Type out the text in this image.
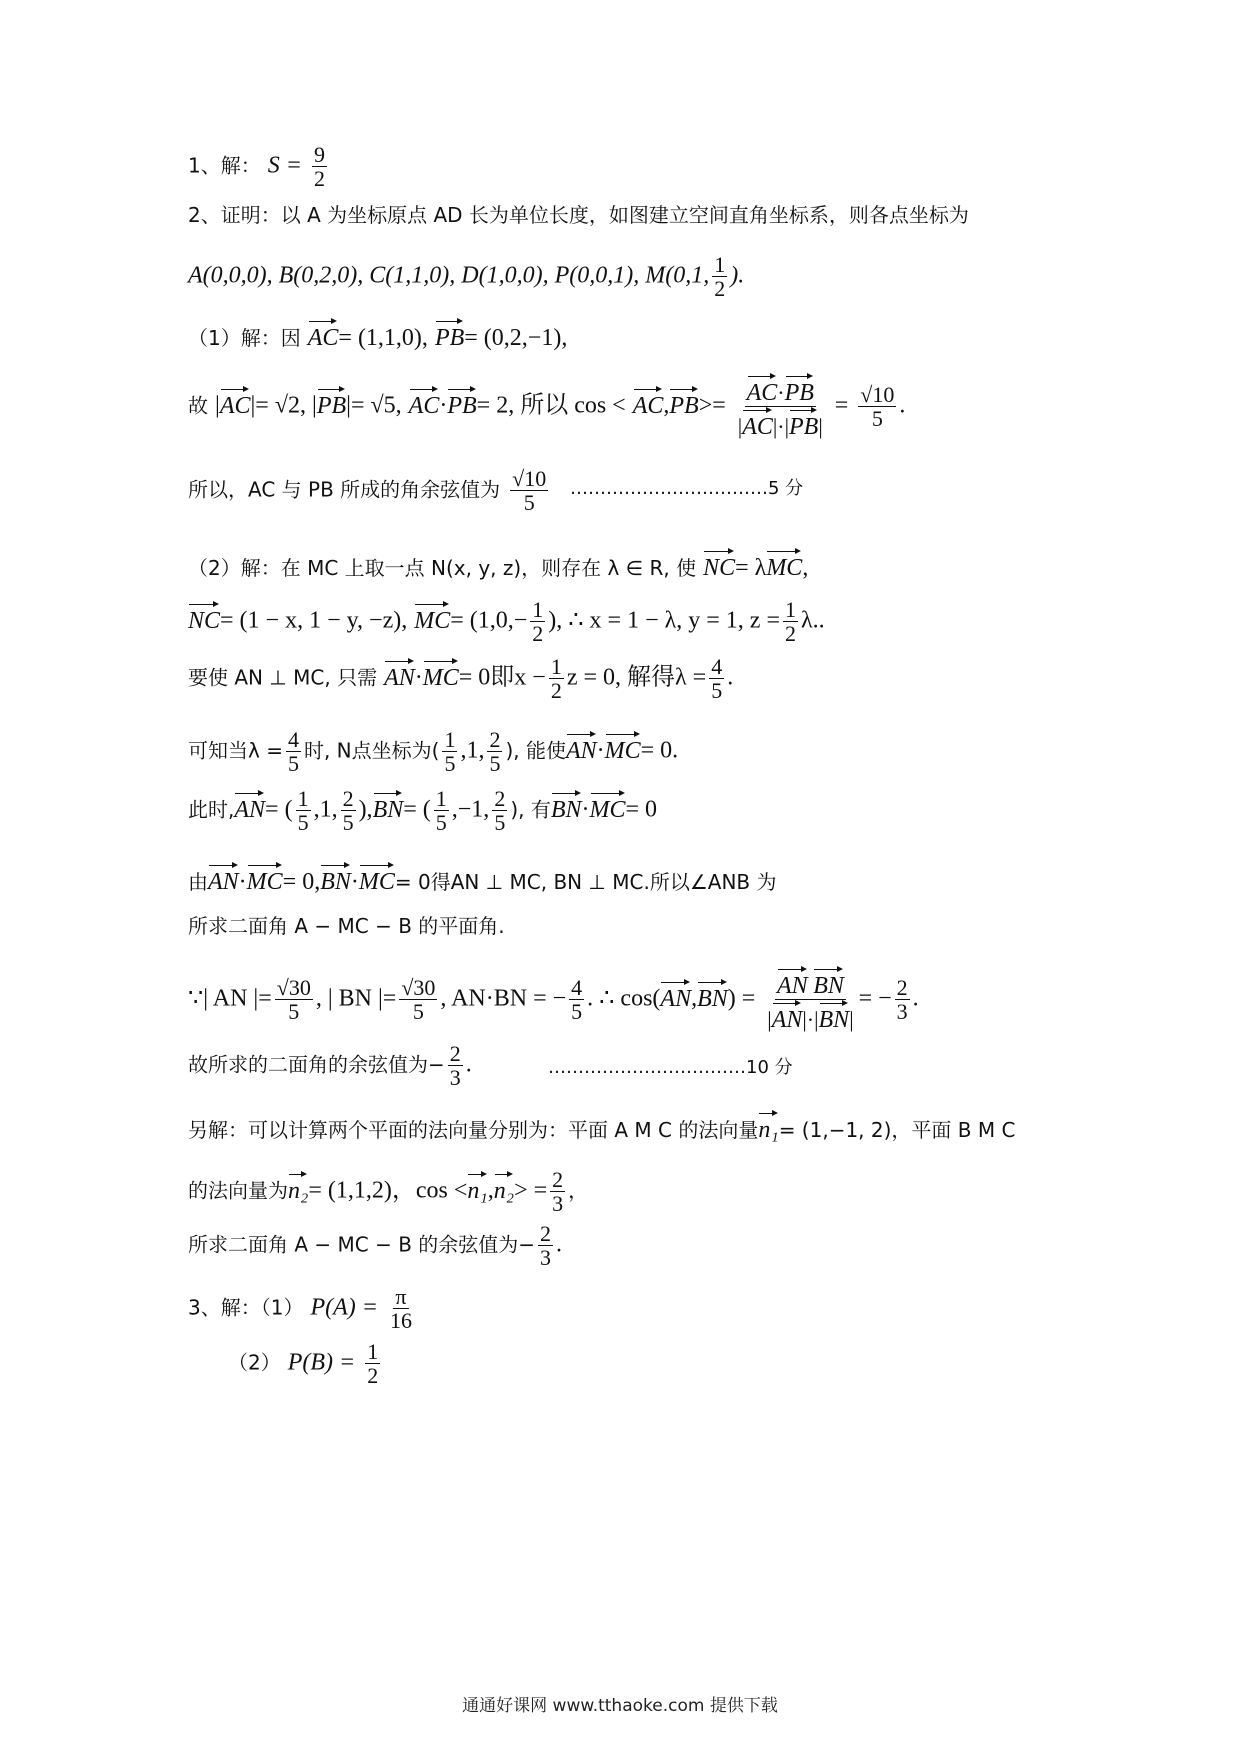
1、解： $S = \frac{9}{2}$
2、证明：以 A 为坐标原点 AD 长为单位长度，如图建立空间直角坐标系，则各点坐标为
A(0,0,0), B(0,2,0), C(1,1,0), D(1,0,0), P(0,0,1), M(0,1, $\frac{1}{2}$ ).
（1）解：因 AC= (1,1,0), PB= (0,2,−1),
故 |AC|= √2, |PB|= √5, AC·PB= 2, 所以 $\cos < AC,PB>= \frac{AC\cdot PB}{|AC|\cdot|PB|} = \frac{√10}{5}$ .
所以，AC 与 PB 所成的角余弦值为 $\frac{√10}{5}$ ……………………………5 分
（2）解：在 MC 上取一点 N(x, y, z)，则存在 λ ∈ R, 使 NC= λMC,
NC= (1 − x, 1 − y, −z), $MC= (1,0,- \frac{1}{2}$ ), ∴ x = 1 − λ, y = 1, $z = \frac{1}{2} \lambda$..
要使 AN ⊥ MC, 只需 AN·MC= 0即$x - \frac{1}{2}$ z = 0, 解得$\lambda = \frac{4}{5}$ .
可知当$\lambda = \frac{4}{5}$ 时, N点坐标为( $\frac{1}{5} ,1$, $\frac{2}{5}$ ), 能使AN·MC= 0.
此时,AN= ( $\frac{1}{5} ,1$, $\frac{2}{5} ),BN=$ ( $\frac{1}{5} ,-1$, $\frac{2}{5}$ ), 有BN·MC= 0
由AN·MC= 0,BN·MC= 0得AN ⊥ MC, BN ⊥ MC.所以∠ANB 为
所求二面角 A − MC − B 的平面角.
∵| AN |= $\frac{√30}{5}$ , | BN |= $\frac{√30}{5}$ , AN·BN = − $\frac{4}{5}$ . ∴ $\cos(AN,BN) = \frac{\text{AN BN}}{|AN|\cdot|BN|}$ = − $\frac{2}{3}$ .
故所求的二面角的余弦值为− $\frac{2}{3}$ .	……………………………10 分
另解：可以计算两个平面的法向量分别为：平面 A M C 的法向量n₁= (1,−1, 2)，平面 B M C
的法向量为n₂= (1,1,2)，$\cos <n_1,n_2> = \frac{2}{3}$ ，
所求二面角 A − MC − B 的余弦值为− $\frac{2}{3}$ .
3、解：（1） $P(A) = \frac{\pi}{16}$
（2） $P(B) = \frac{1}{2}$
通通好课网 www.tthaoke.com 提供下载
